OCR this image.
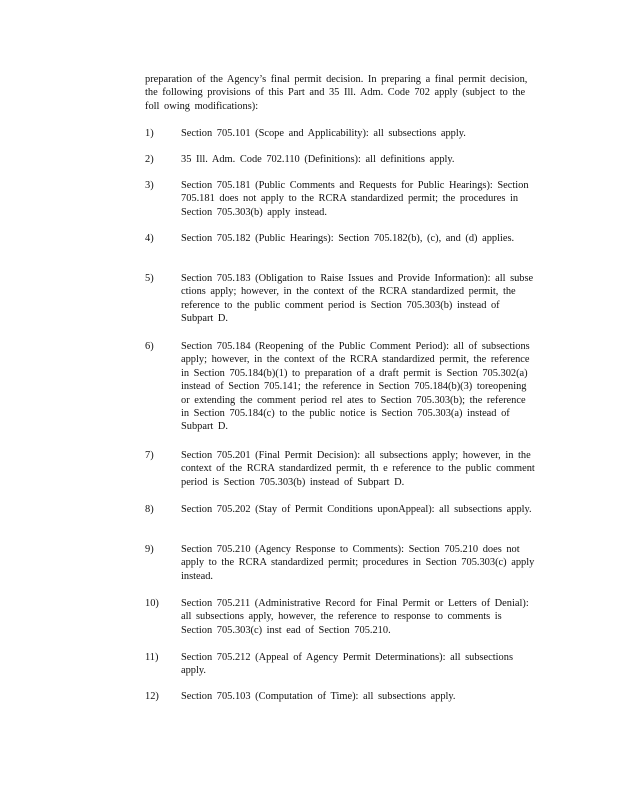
preparation of the Agency’s final permit decision. In preparing a final permit decision, the following provisions of this Part and 35 Ill. Adm. Code 702 apply (subject to the foll owing modifications):

1)	Section 705.101 (Scope and Applicability): all subsections apply.
2)	35 Ill. Adm. Code 702.110 (Definitions): all definitions apply.
3)	Section 705.181 (Public Comments and Requests for Public Hearings): Section 705.181 does not apply to the RCRA standardized permit; the procedures in Section 705.303(b) apply instead.
4)	Section 705.182 (Public Hearings): Section 705.182(b), (c), and (d) applies.
5)	Section 705.183 (Obligation to Raise Issues and Provide Information): all subse ctions apply; however, in the context of the RCRA standardized permit, the reference to the public comment period is Section 705.303(b) instead of Subpart D.
6)	Section 705.184 (Reopening of the Public Comment Period): all of subsections apply; however, in the context of the RCRA standardized permit, the reference in Section 705.184(b)(1) to preparation of a draft permit is Section 705.302(a) instead of Section 705.141; the reference in Section 705.184(b)(3) toreopening or extending the comment period rel ates to Section 705.303(b); the reference in Section 705.184(c) to the public notice is Section 705.303(a) instead of Subpart D.
7)	Section 705.201 (Final Permit Decision): all subsections apply; however, in the context of the RCRA standardized permit, th e reference to the public comment period is Section 705.303(b) instead of Subpart D.
8)	Section 705.202 (Stay of Permit Conditions uponAppeal): all subsections apply.
9)	Section 705.210 (Agency Response to Comments): Section 705.210 does not apply to the RCRA standardized permit; procedures in Section 705.303(c) apply instead.
10)	Section 705.211 (Administrative Record for Final Permit or Letters of Denial): all subsections apply, however, the reference to response to comments is Section 705.303(c) inst ead of Section 705.210.
11)	Section 705.212 (Appeal of Agency Permit Determinations): all subsections apply.
12)	Section 705.103 (Computation of Time): all subsections apply.
